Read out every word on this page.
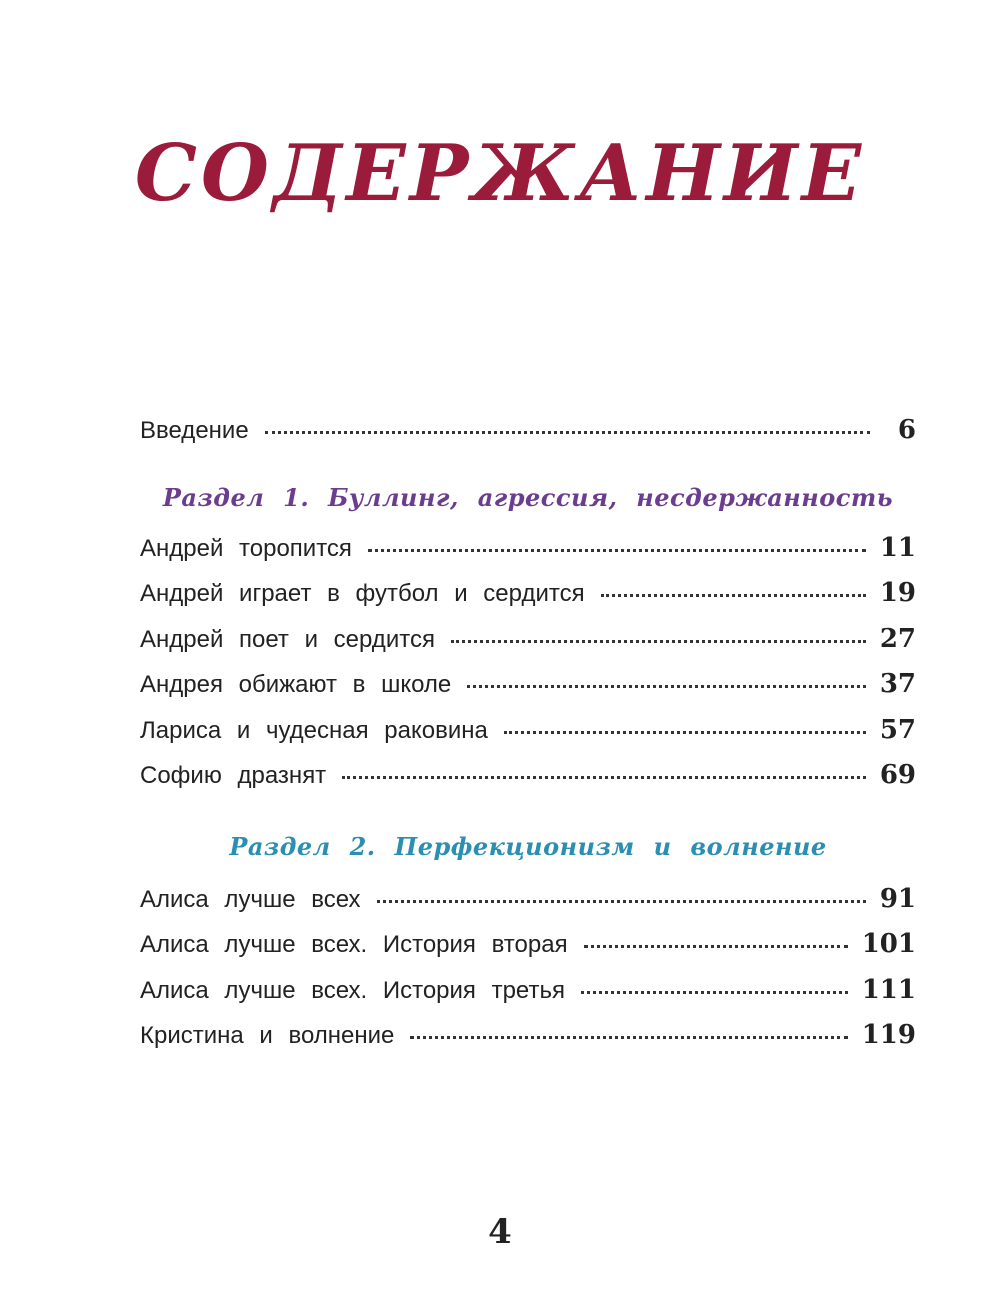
СОДЕРЖАНИЕ
Введение	6
Раздел 1. Буллинг, агрессия, несдержанность
Андрей торопится	11
Андрей играет в футбол и сердится	19
Андрей поет и сердится	27
Андрея обижают в школе	37
Лариса и чудесная раковина	57
Софию дразнят	69
Раздел 2. Перфекционизм и волнение
Алиса лучше всех	91
Алиса лучше всех. История вторая	101
Алиса лучше всех. История третья	111
Кристина и волнение	119
4
